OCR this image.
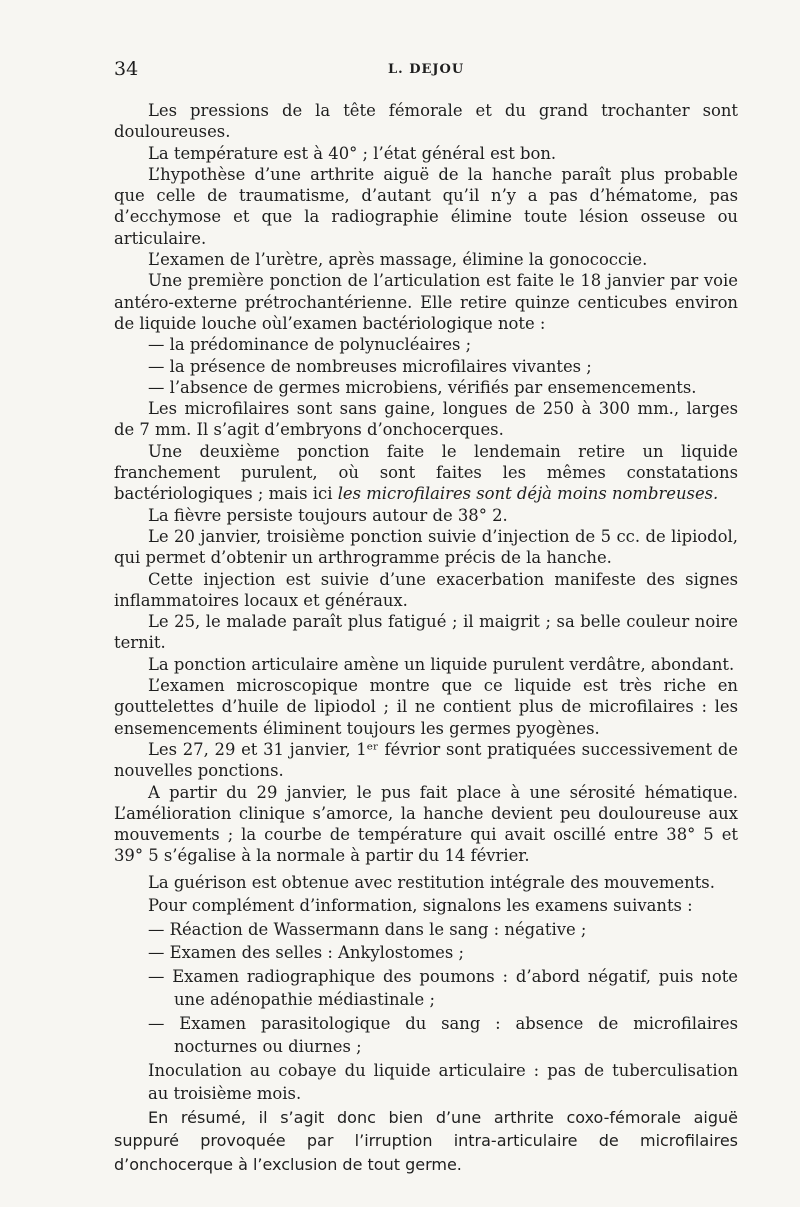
34	L. DEJOU

Les pressions de la tête fémorale et du grand trochanter sont douloureuses.

La température est à 40° ; l’état général est bon.

L’hypothèse d’une arthrite aiguë de la hanche paraît plus probable que celle de traumatisme, d’autant qu’il n’y a pas d’hématome, pas d’ecchymose et que la radiographie élimine toute lésion osseuse ou articulaire.

L’examen de l’urètre, après massage, élimine la gonococcie.

Une première ponction de l’articulation est faite le 18 janvier par voie antéro-externe prétrochantérienne. Elle retire quinze centicubes environ de liquide louche oùl’examen bactériologique note :

— la prédominance de polynucléaires ;

— la présence de nombreuses microfilaires vivantes ;

— l’absence de germes microbiens, vérifiés par ensemencements.

Les microfilaires sont sans gaine, longues de 250 à 300 mm., larges de 7 mm. Il s’agit d’embryons d’onchocerques.

Une deuxième ponction faite le lendemain retire un liquide franchement purulent, où sont faites les mêmes constatations bactériologiques ; mais ici les microfilaires sont déjà moins nombreuses.

La fièvre persiste toujours autour de 38° 2.

Le 20 janvier, troisième ponction suivie d’injection de 5 cc. de lipiodol, qui permet d’obtenir un arthrogramme précis de la hanche.

Cette injection est suivie d’une exacerbation manifeste des signes inflammatoires locaux et généraux.

Le 25, le malade paraît plus fatigué ; il maigrit ; sa belle couleur noire ternit.

La ponction articulaire amène un liquide purulent verdâtre, abondant.

L’examen microscopique montre que ce liquide est très riche en gouttelettes d’huile de lipiodol ; il ne contient plus de microfilaires : les ensemencements éliminent toujours les germes pyogènes.

Les 27, 29 et 31 janvier, 1ᵉʳ févrior sont pratiquées successivement de nouvelles ponctions.

A partir du 29 janvier, le pus fait place à une sérosité hématique. L’amélioration clinique s’amorce, la hanche devient peu douloureuse aux mouvements ; la courbe de température qui avait oscillé entre 38° 5 et 39° 5 s’égalise à la normale à partir du 14 février.

La guérison est obtenue avec restitution intégrale des mouvements.

Pour complément d’information, signalons les examens suivants :

— Réaction de Wassermann dans le sang : négative ;

— Examen des selles : Ankylostomes ;

— Examen radiographique des poumons : d’abord négatif, puis note une adénopathie médiastinale ;

— Examen parasitologique du sang : absence de microfilaires nocturnes ou diurnes ;

Inoculation au cobaye du liquide articulaire : pas de tuberculisation au troisième mois.

En résumé, il s’agit donc bien d’une arthrite coxo-fémorale aiguë suppuré provoquée par l’irruption intra-articulaire de microfilaires d’onchocerque à l’exclusion de tout germe.
